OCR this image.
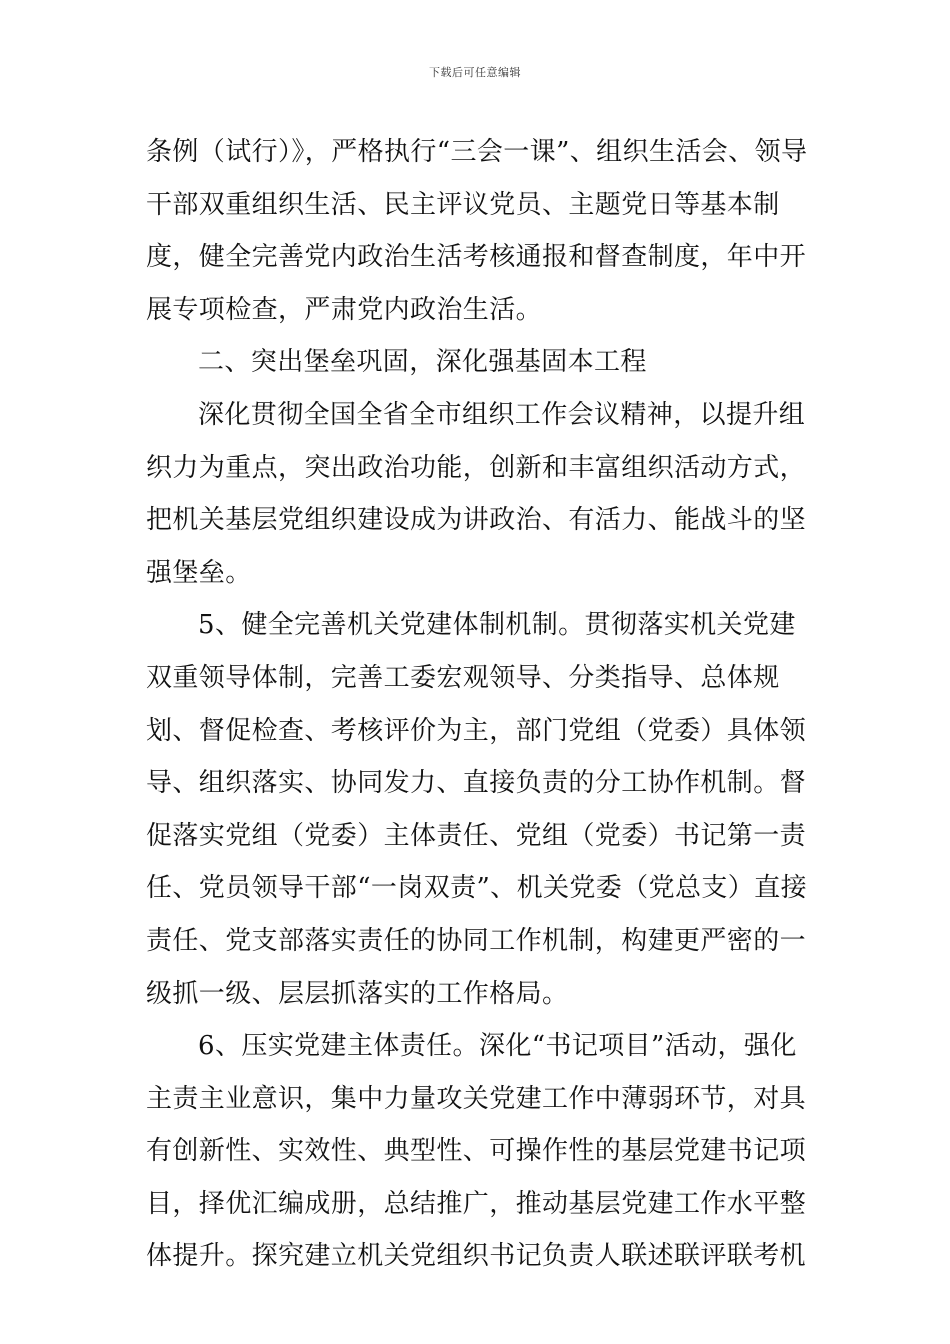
下载后可任意编辑

条例（试行）》，严格执行“三会一课”、组织生活会、领导干部双重组织生活、民主评议党员、主题党日等基本制度，健全完善党内政治生活考核通报和督查制度，年中开展专项检查，严肃党内政治生活。

二、突出堡垒巩固，深化强基固本工程

深化贯彻全国全省全市组织工作会议精神，以提升组织力为重点，突出政治功能，创新和丰富组织活动方式，把机关基层党组织建设成为讲政治、有活力、能战斗的坚强堡垒。

5、健全完善机关党建体制机制。贯彻落实机关党建双重领导体制，完善工委宏观领导、分类指导、总体规划、督促检查、考核评价为主，部门党组（党委）具体领导、组织落实、协同发力、直接负责的分工协作机制。督促落实党组（党委）主体责任、党组（党委）书记第一责任、党员领导干部“一岗双责”、机关党委（党总支）直接责任、党支部落实责任的协同工作机制，构建更严密的一级抓一级、层层抓落实的工作格局。

6、压实党建主体责任。深化“书记项目”活动，强化主责主业意识，集中力量攻关党建工作中薄弱环节，对具有创新性、实效性、典型性、可操作性的基层党建书记项目，择优汇编成册，总结推广，推动基层党建工作水平整体提升。探究建立机关党组织书记负责人联述联评联考机
